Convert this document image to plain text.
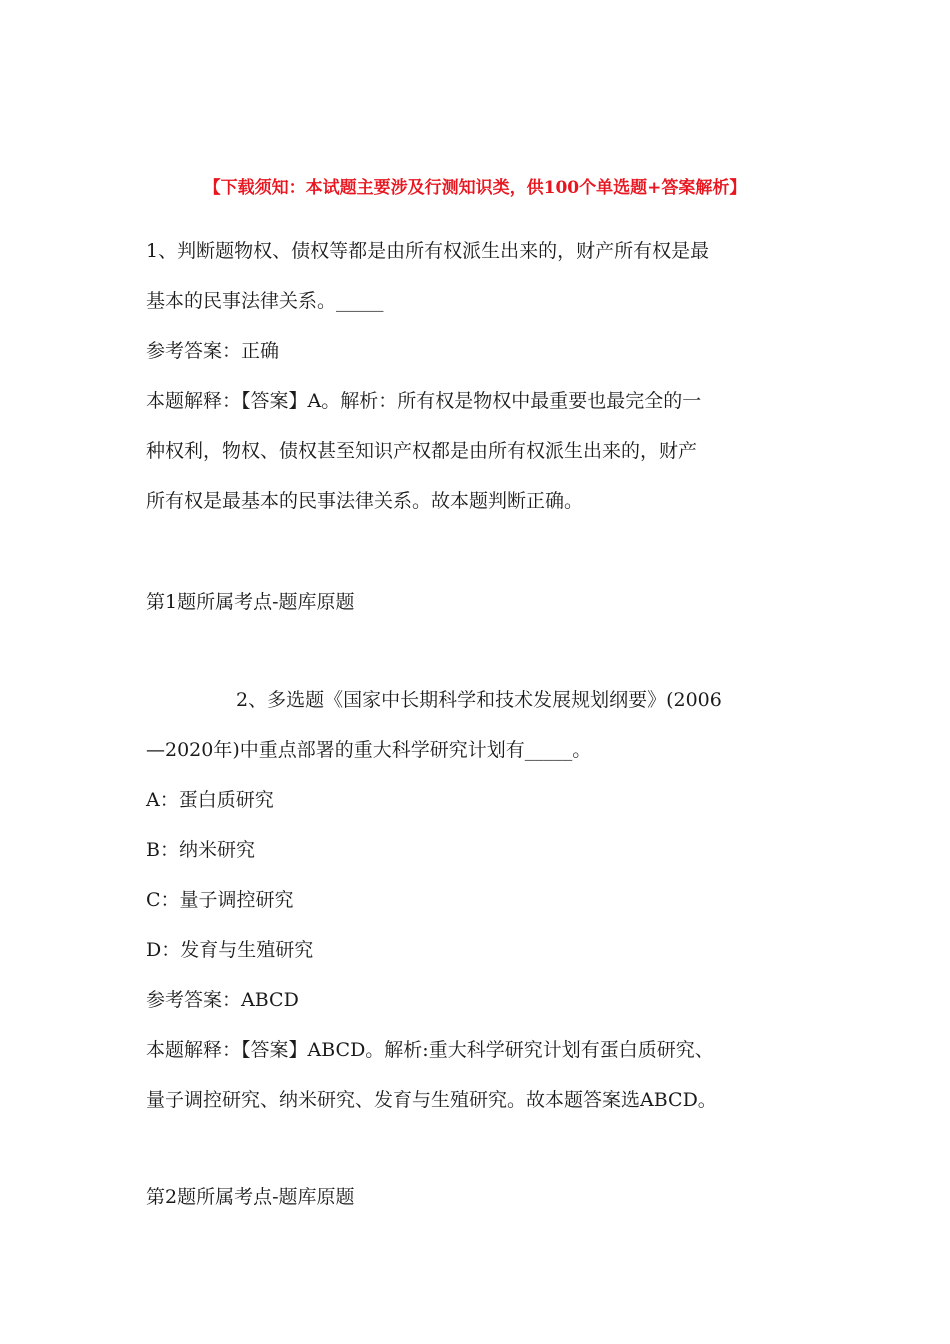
【下载须知：本试题主要涉及行测知识类，供100个单选题+答案解析】

1、判断题物权、债权等都是由所有权派生出来的，财产所有权是最

基本的民事法律关系。_____

参考答案：正确

本题解释：【答案】A。解析：所有权是物权中最重要也最完全的一

种权利，物权、债权甚至知识产权都是由所有权派生出来的，财产

所有权是最基本的民事法律关系。故本题判断正确。

第1题所属考点-题库原题

2、多选题《国家中长期科学和技术发展规划纲要》(2006

—2020年)中重点部署的重大科学研究计划有_____。

A：蛋白质研究

B：纳米研究

C：量子调控研究

D：发育与生殖研究

参考答案：ABCD

本题解释：【答案】ABCD。解析:重大科学研究计划有蛋白质研究、

量子调控研究、纳米研究、发育与生殖研究。故本题答案选ABCD。

第2题所属考点-题库原题
